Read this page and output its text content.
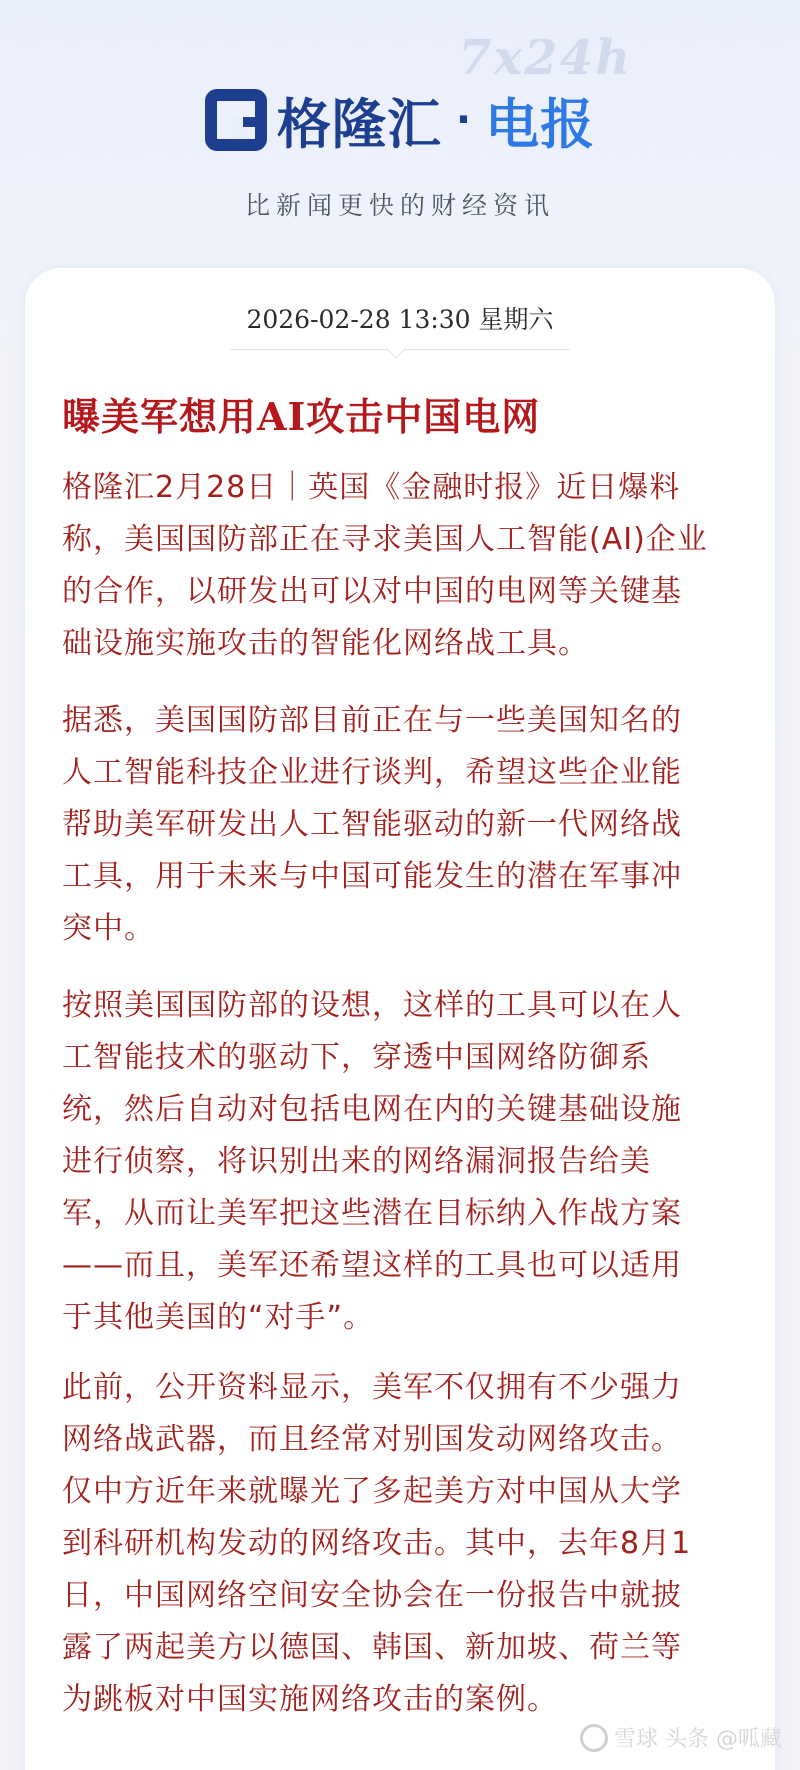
7x24h
格隆汇 · 电报
比新闻更快的财经资讯
2026-02-28 13:30 星期六
曝美军想用AI攻击中国电网
格隆汇2月28日｜英国《金融时报》近日爆料
称，美国国防部正在寻求美国人工智能(AI)企业
的合作，以研发出可以对中国的电网等关键基
础设施实施攻击的智能化网络战工具。
据悉，美国国防部目前正在与一些美国知名的
人工智能科技企业进行谈判，希望这些企业能
帮助美军研发出人工智能驱动的新一代网络战
工具，用于未来与中国可能发生的潜在军事冲
突中。
按照美国国防部的设想，这样的工具可以在人
工智能技术的驱动下，穿透中国网络防御系
统，然后自动对包括电网在内的关键基础设施
进行侦察，将识别出来的网络漏洞报告给美
军，从而让美军把这些潜在目标纳入作战方案
——而且，美军还希望这样的工具也可以适用
于其他美国的“对手”。
此前，公开资料显示，美军不仅拥有不少强力
网络战武器，而且经常对别国发动网络攻击。
仅中方近年来就曝光了多起美方对中国从大学
到科研机构发动的网络攻击。其中，去年8月1
日，中国网络空间安全协会在一份报告中就披
露了两起美方以德国、韩国、新加坡、荷兰等
为跳板对中国实施网络攻击的案例。
雪球 头条 @呱藏
